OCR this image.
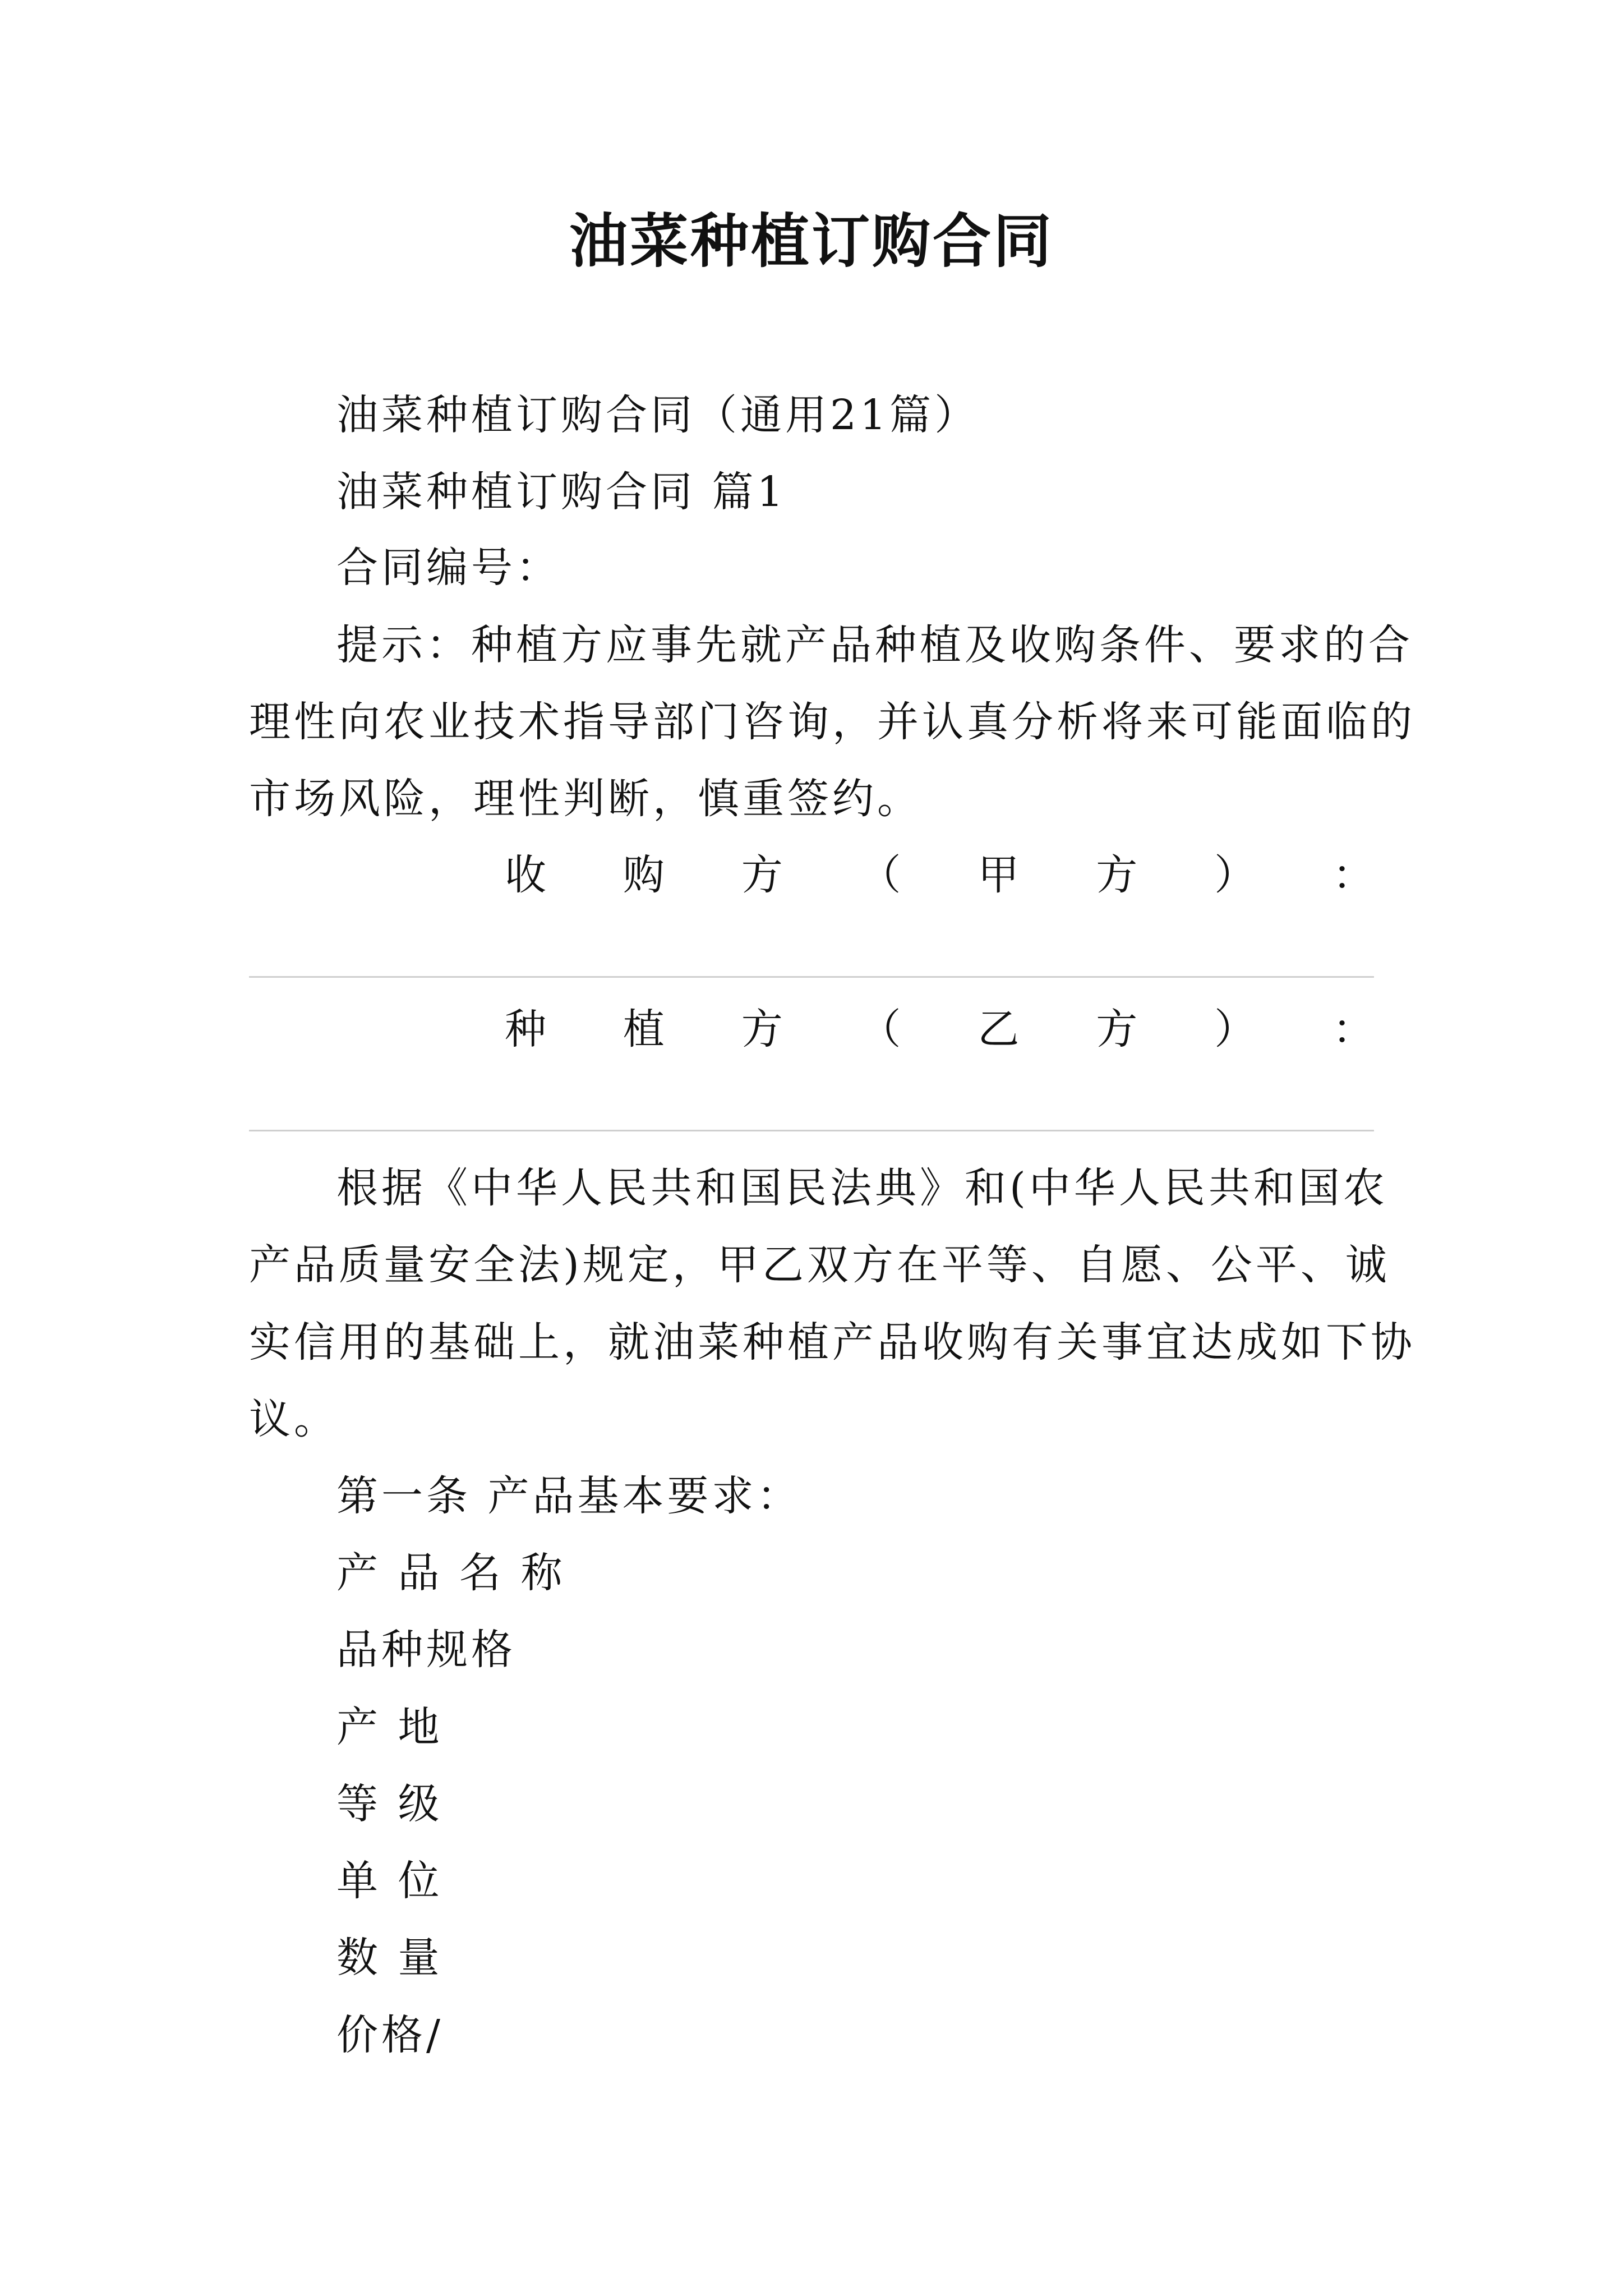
油菜种植订购合同
油菜种植订购合同（通用21篇）
油菜种植订购合同 篇1
合同编号：
提示：种植方应事先就产品种植及收购条件、要求的合
理性向农业技术指导部门咨询，并认真分析将来可能面临的
市场风险，理性判断，慎重签约。
收 购 方 （ 甲 方 ） ：
种 植 方 （ 乙 方 ） ：
根据《中华人民共和国民法典》和(中华人民共和国农
产品质量安全法)规定，甲乙双方在平等、自愿、公平、诚
实信用的基础上，就油菜种植产品收购有关事宜达成如下协
议。
第一条 产品基本要求：
产 品 名 称
品种规格
产 地
等 级
单 位
数 量
价格/
